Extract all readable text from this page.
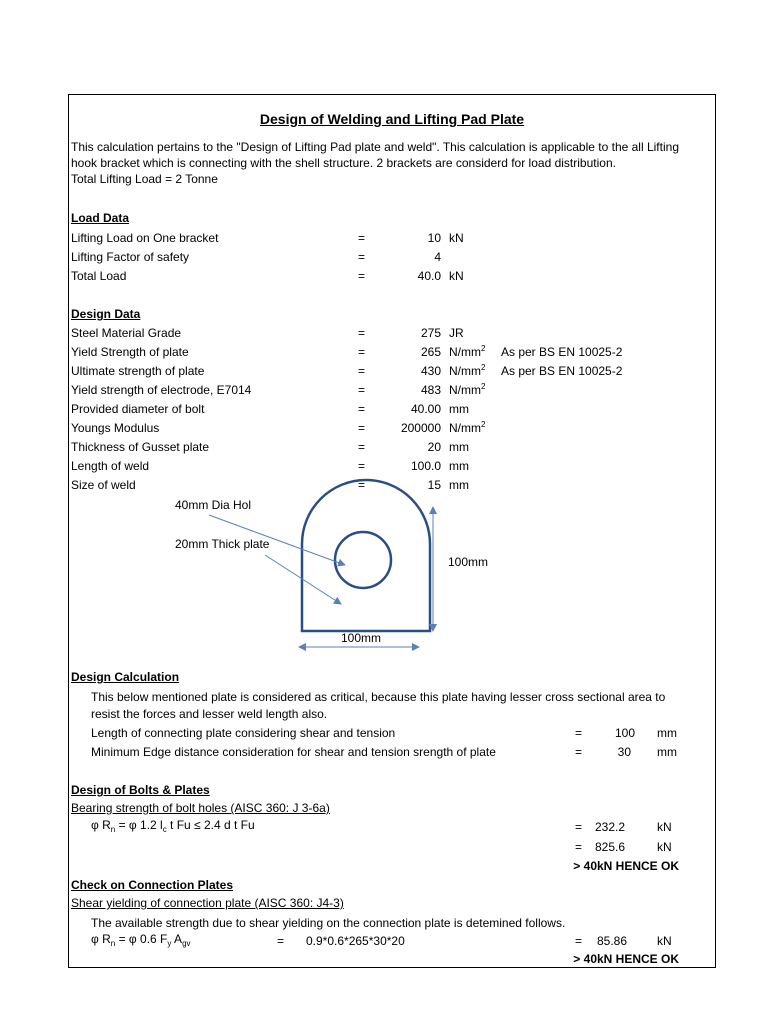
Design of Welding and Lifting Pad Plate
This calculation pertains to the "Design of Lifting Pad plate and weld". This calculation is applicable to the all Lifting
hook bracket which is connecting with the shell structure. 2 brackets are considerd for load distribution.
Total Lifting Load = 2 Tonne
Load Data
Lifting Load on One bracket	=	10 kN
Lifting Factor of safety	=	4
Total Load	=	40.0 kN
Design Data
Steel Material Grade	=	275 JR
Yield Strength of plate	=	265 $N/mm^2$ As per BS EN 10025-2
Ultimate strength of plate	=	430 $N/mm^2$ As per BS EN 10025-2
Yield strength of electrode, E7014	=	483 $N/mm^2$
Provided diameter of bolt	=	40.00 mm
Youngs Modulus	=	200000 $N/mm^2$
Thickness of Gusset plate	=	20 mm
Length of weld	=	100.0 mm
Size of weld	=	15 mm
40mm Dia Hol
20mm Thick plate
100mm
100mm
Design Calculation
This below mentioned plate is considered as critical, because this plate having lesser cross sectional area to
resist the forces and lesser weld length also.
Length of connecting plate considering shear and tension	=	100 mm
Minimum Edge distance consideration for shear and tension srength of plate	=	30 mm
Design of Bolts & Plates
Bearing strength of bolt holes (AISC 360: J 3-6a)
φ $R_n = \varphi$ 1.2 $l_c$ t Fu ≤ 2.4 d t Fu	=	232.2	kN
=	825.6	kN
> 40kN HENCE OK
Check on Connection Plates
Shear yielding of connection plate (AISC 360: J4-3)
The available strength due to shear yielding on the connection plate is detemined follows.
φ $R_n = \varphi$ 0.6 $F_y$ $A_{gv}$	= 0.9*0.6*265*30*20	=	85.86	kN
> 40kN HENCE OK
